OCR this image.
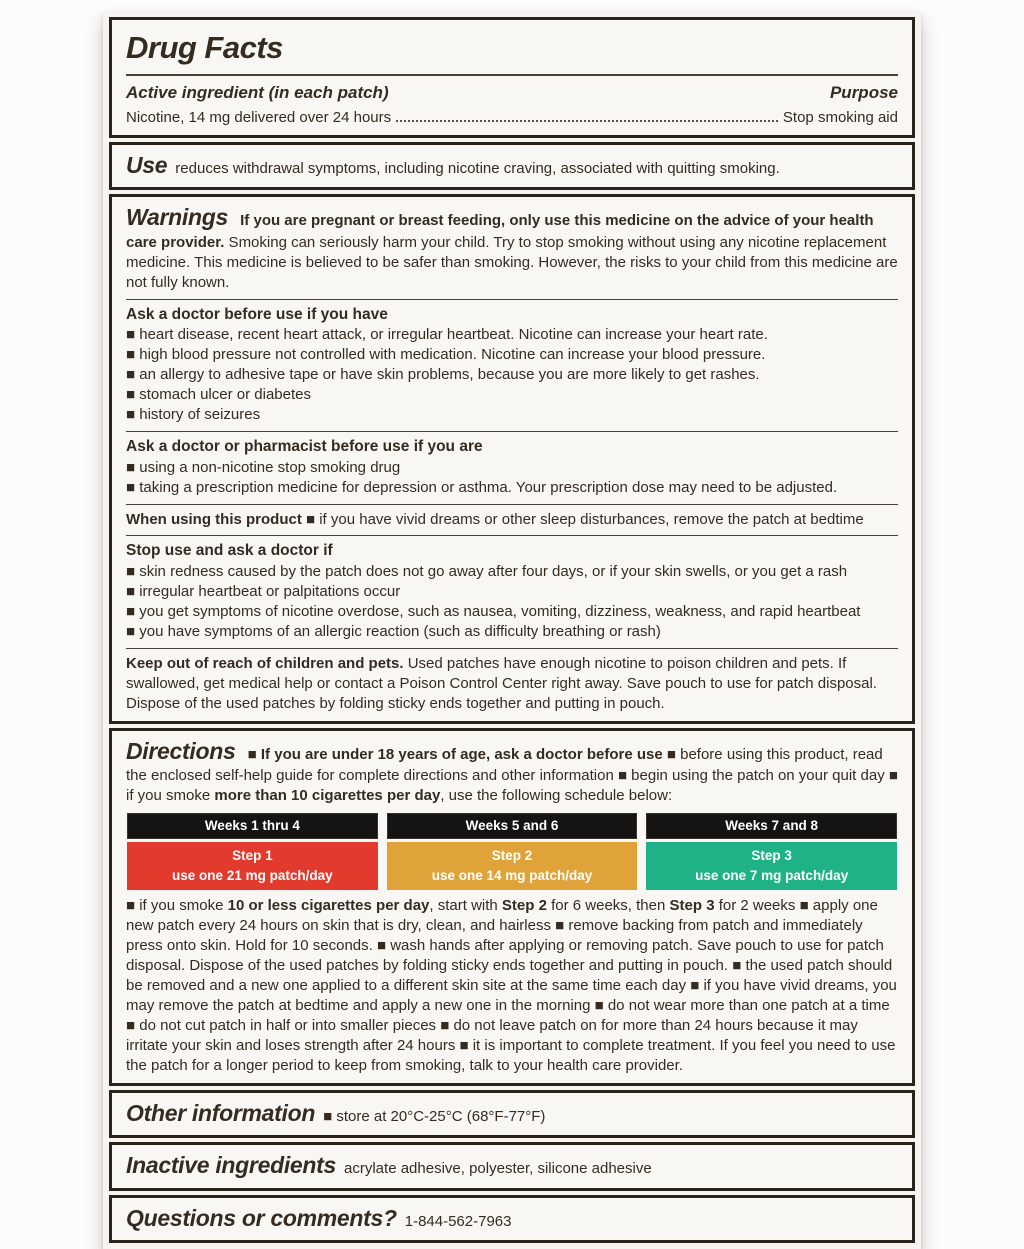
Drug Facts
Active ingredient (in each patch)	Purpose
Nicotine, 14 mg delivered over 24 hours	Stop smoking aid
Use reduces withdrawal symptoms, including nicotine craving, associated with quitting smoking.
Warnings If you are pregnant or breast feeding, only use this medicine on the advice of your health care provider. Smoking can seriously harm your child. Try to stop smoking without using any nicotine replacement medicine. This medicine is believed to be safer than smoking. However, the risks to your child from this medicine are not fully known.
Ask a doctor before use if you have
■ heart disease, recent heart attack, or irregular heartbeat. Nicotine can increase your heart rate.
■ high blood pressure not controlled with medication. Nicotine can increase your blood pressure.
■ an allergy to adhesive tape or have skin problems, because you are more likely to get rashes.
■ stomach ulcer or diabetes
■ history of seizures
Ask a doctor or pharmacist before use if you are
■ using a non-nicotine stop smoking drug
■ taking a prescription medicine for depression or asthma. Your prescription dose may need to be adjusted.
When using this product ■ if you have vivid dreams or other sleep disturbances, remove the patch at bedtime
Stop use and ask a doctor if
■ skin redness caused by the patch does not go away after four days, or if your skin swells, or you get a rash
■ irregular heartbeat or palpitations occur
■ you get symptoms of nicotine overdose, such as nausea, vomiting, dizziness, weakness, and rapid heartbeat
■ you have symptoms of an allergic reaction (such as difficulty breathing or rash)
Keep out of reach of children and pets. Used patches have enough nicotine to poison children and pets. If swallowed, get medical help or contact a Poison Control Center right away. Save pouch to use for patch disposal. Dispose of the used patches by folding sticky ends together and putting in pouch.
Directions ■ If you are under 18 years of age, ask a doctor before use ■ before using this product, read the enclosed self-help guide for complete directions and other information ■ begin using the patch on your quit day ■ if you smoke more than 10 cigarettes per day, use the following schedule below:
Weeks 1 thru 4
Step 1
use one 21 mg patch/day
Weeks 5 and 6
Step 2
use one 14 mg patch/day
Weeks 7 and 8
Step 3
use one 7 mg patch/day
■ if you smoke 10 or less cigarettes per day, start with Step 2 for 6 weeks, then Step 3 for 2 weeks ■ apply one new patch every 24 hours on skin that is dry, clean, and hairless ■ remove backing from patch and immediately press onto skin. Hold for 10 seconds. ■ wash hands after applying or removing patch. Save pouch to use for patch disposal. Dispose of the used patches by folding sticky ends together and putting in pouch. ■ the used patch should be removed and a new one applied to a different skin site at the same time each day ■ if you have vivid dreams, you may remove the patch at bedtime and apply a new one in the morning ■ do not wear more than one patch at a time ■ do not cut patch in half or into smaller pieces ■ do not leave patch on for more than 24 hours because it may irritate your skin and loses strength after 24 hours ■ it is important to complete treatment. If you feel you need to use the patch for a longer period to keep from smoking, talk to your health care provider.
Other information ■ store at 20°C-25°C (68°F-77°F)
Inactive ingredients acrylate adhesive, polyester, silicone adhesive
Questions or comments? 1-844-562-7963
